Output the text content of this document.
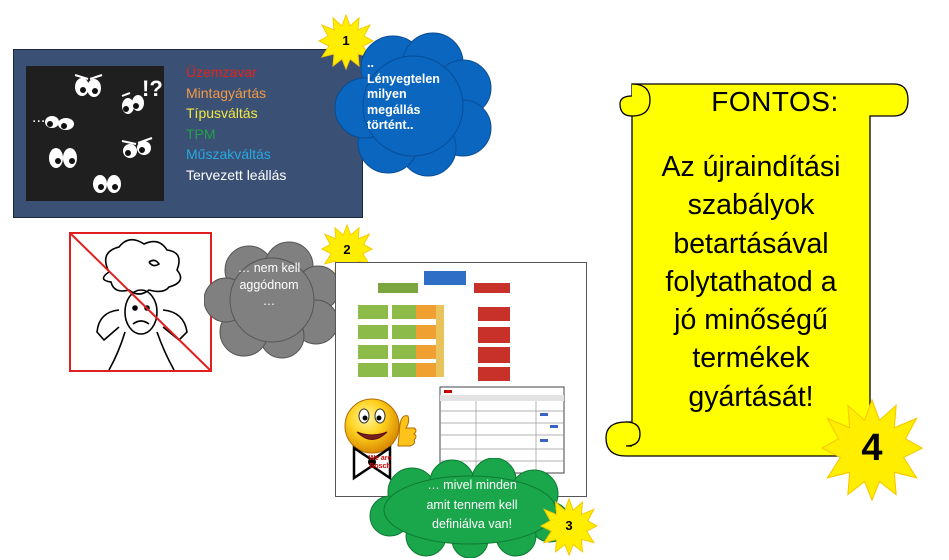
...
!?
Üzemzavar
Mintagyártás
Típusváltás
TPM
Műszakváltás
Tervezett leállás
1
..
Lényegtelen
milyen
megállás
történt..
2
… nem kell
aggódnom
…
We are
Bosch
… mivel minden
amit tennem kell
definiálva van!	3
FONTOS:
Az újraindítási
szabályok
betartásával
folytathatod a
jó minőségű
termékek
gyártását!
4
